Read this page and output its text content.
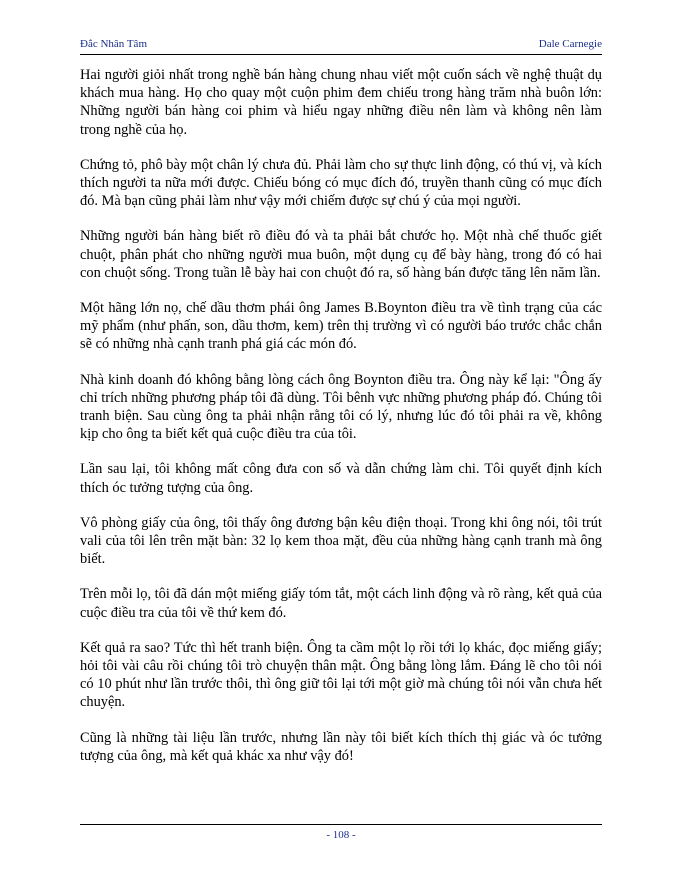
Đắc Nhân Tâm	Dale Carnegie

Hai người giỏi nhất trong nghề bán hàng chung nhau viết một cuốn sách về nghệ thuật dụ khách mua hàng. Họ cho quay một cuộn phim đem chiếu trong hàng trăm nhà buôn lớn: Những người bán hàng coi phim và hiểu ngay những điều nên làm và không nên làm trong nghề của họ.

Chứng tỏ, phô bày một chân lý chưa đủ. Phải làm cho sự thực linh động, có thú vị, và kích thích người ta nữa mới được. Chiếu bóng có mục đích đó, truyền thanh cũng có mục đích đó. Mà bạn cũng phải làm như vậy mới chiếm được sự chú ý của mọi người.

Những người bán hàng biết rõ điều đó và ta phải bắt chước họ. Một nhà chế thuốc giết chuột, phân phát cho những người mua buôn, một dụng cụ để bày hàng, trong đó có hai con chuột sống. Trong tuần lễ bày hai con chuột đó ra, số hàng bán được tăng lên năm lần.

Một hãng lớn nọ, chế dầu thơm phái ông James B.Boynton điều tra về tình trạng của các mỹ phẩm (như phấn, son, dầu thơm, kem) trên thị trường vì có người báo trước chắc chắn sẽ có những nhà cạnh tranh phá giá các món đó.

Nhà kinh doanh đó không bằng lòng cách ông Boynton điều tra. Ông này kể lại: "Ông ấy chỉ trích những phương pháp tôi đã dùng. Tôi bênh vực những phương pháp đó. Chúng tôi tranh biện. Sau cùng ông ta phải nhận rằng tôi có lý, nhưng lúc đó tôi phải ra về, không kịp cho ông ta biết kết quả cuộc điều tra của tôi.

Lần sau lại, tôi không mất công đưa con số và dẫn chứng làm chi. Tôi quyết định kích thích óc tưởng tượng của ông.

Vô phòng giấy của ông, tôi thấy ông đương bận kêu điện thoại. Trong khi ông nói, tôi trút vali của tôi lên trên mặt bàn: 32 lọ kem thoa mặt, đều của những hàng cạnh tranh mà ông biết.

Trên mỗi lọ, tôi đã dán một miếng giấy tóm tắt, một cách linh động và rõ ràng, kết quả của cuộc điều tra của tôi về thứ kem đó.

Kết quả ra sao? Tức thì hết tranh biện. Ông ta cầm một lọ rồi tới lọ khác, đọc miếng giấy; hỏi tôi vài câu rồi chúng tôi trò chuyện thân mật. Ông bằng lòng lắm. Đáng lẽ cho tôi nói có 10 phút như lần trước thôi, thì ông giữ tôi lại tới một giờ mà chúng tôi nói vẫn chưa hết chuyện.

Cũng là những tài liệu lần trước, nhưng lần này tôi biết kích thích thị giác và óc tưởng tượng của ông, mà kết quả khác xa như vậy đó!

- 108 -
